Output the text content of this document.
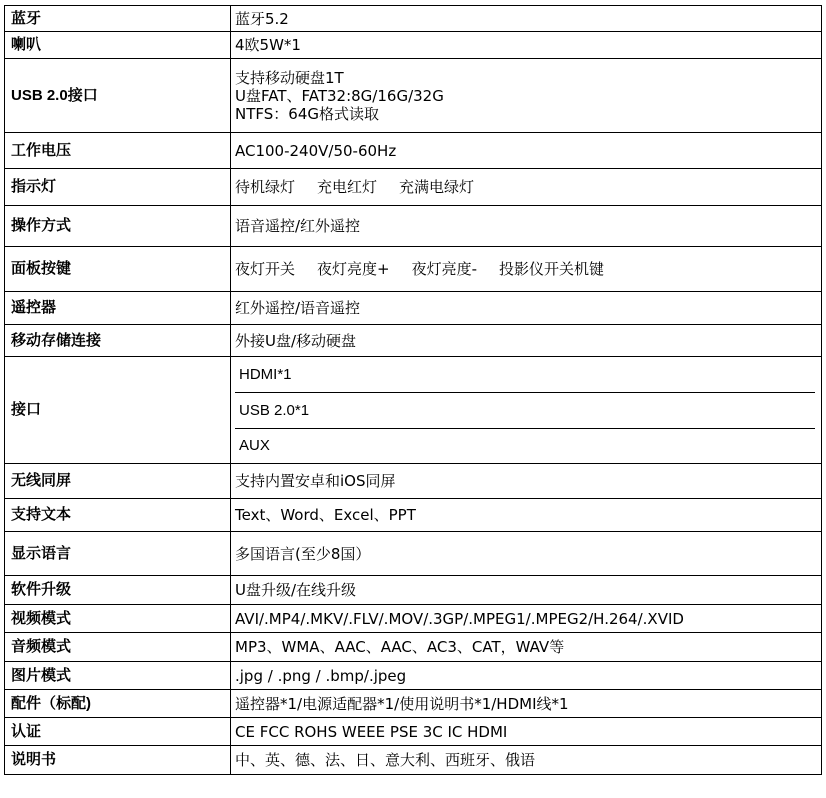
蓝牙	蓝牙5.2
喇叭	4欧5W*1
USB 2.0接口	支持移动硬盘1T
U盘FAT、FAT32:8G/16G/32G
NTFS：64G格式读取

工作电压	AC100-240V/50-60Hz
指示灯	待机绿灯 充电红灯 充满电绿灯
操作方式	语音遥控/红外遥控
面板按键	夜灯开关 夜灯亮度+ 夜灯亮度- 投影仪开关机键
遥控器	红外遥控/语音遥控
移动存储连接	外接U盘/移动硬盘
接口	HDMI*1
USB 2.0*1
AUX

无线同屏	支持内置安卓和iOS同屏
支持文本	Text、Word、Excel、PPT
显示语言	多国语言(至少8国）
软件升级	U盘升级/在线升级
视频模式	AVI/.MP4/.MKV/.FLV/.MOV/.3GP/.MPEG1/.MPEG2/H.264/.XVID
音频模式	MP3、WMA、AAC、AAC、AC3、CAT，WAV等
图片模式	.jpg / .png / .bmp/.jpeg
配件（标配)	遥控器*1/电源适配器*1/使用说明书*1/HDMI线*1
认证	CE FCC ROHS WEEE PSE 3C IC HDMI
说明书	中、英、德、法、日、意大利、西班牙、俄语
